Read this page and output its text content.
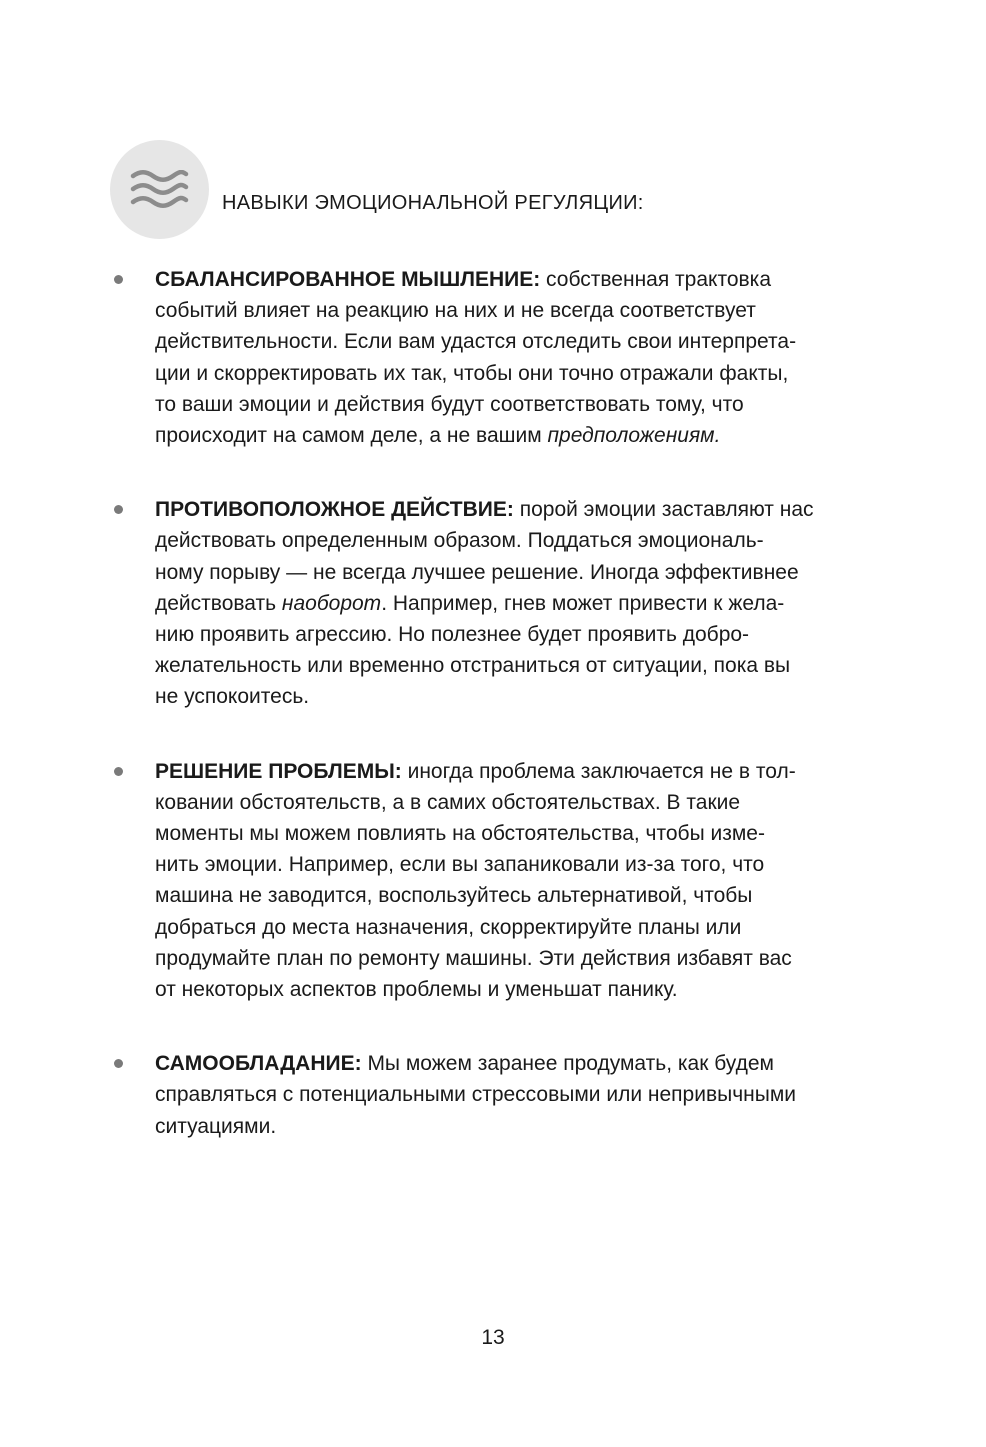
НАВЫКИ ЭМОЦИОНАЛЬНОЙ РЕГУЛЯЦИИ:
СБАЛАНСИРОВАННОЕ МЫШЛЕНИЕ: собственная трактовка
событий влияет на реакцию на них и не всегда соответствует
действительности. Если вам удастся отследить свои интерпрета-
ции и скорректировать их так, чтобы они точно отражали факты,
то ваши эмоции и действия будут соответствовать тому, что
происходит на самом деле, а не вашим предположениям.
ПРОТИВОПОЛОЖНОЕ ДЕЙСТВИЕ: порой эмоции заставляют нас
действовать определенным образом. Поддаться эмоциональ-
ному порыву — не всегда лучшее решение. Иногда эффективнее
действовать наоборот. Например, гнев может привести к жела-
нию проявить агрессию. Но полезнее будет проявить добро-
желательность или временно отстраниться от ситуации, пока вы
не успокоитесь.
РЕШЕНИЕ ПРОБЛЕМЫ: иногда проблема заключается не в тол-
ковании обстоятельств, а в самих обстоятельствах. В такие
моменты мы можем повлиять на обстоятельства, чтобы изме-
нить эмоции. Например, если вы запаниковали из-за того, что
машина не заводится, воспользуйтесь альтернативой, чтобы
добраться до места назначения, скорректируйте планы или
продумайте план по ремонту машины. Эти действия избавят вас
от некоторых аспектов проблемы и уменьшат панику.
САМООБЛАДАНИЕ: Мы можем заранее продумать, как будем
справляться с потенциальными стрессовыми или непривычными
ситуациями.
13
